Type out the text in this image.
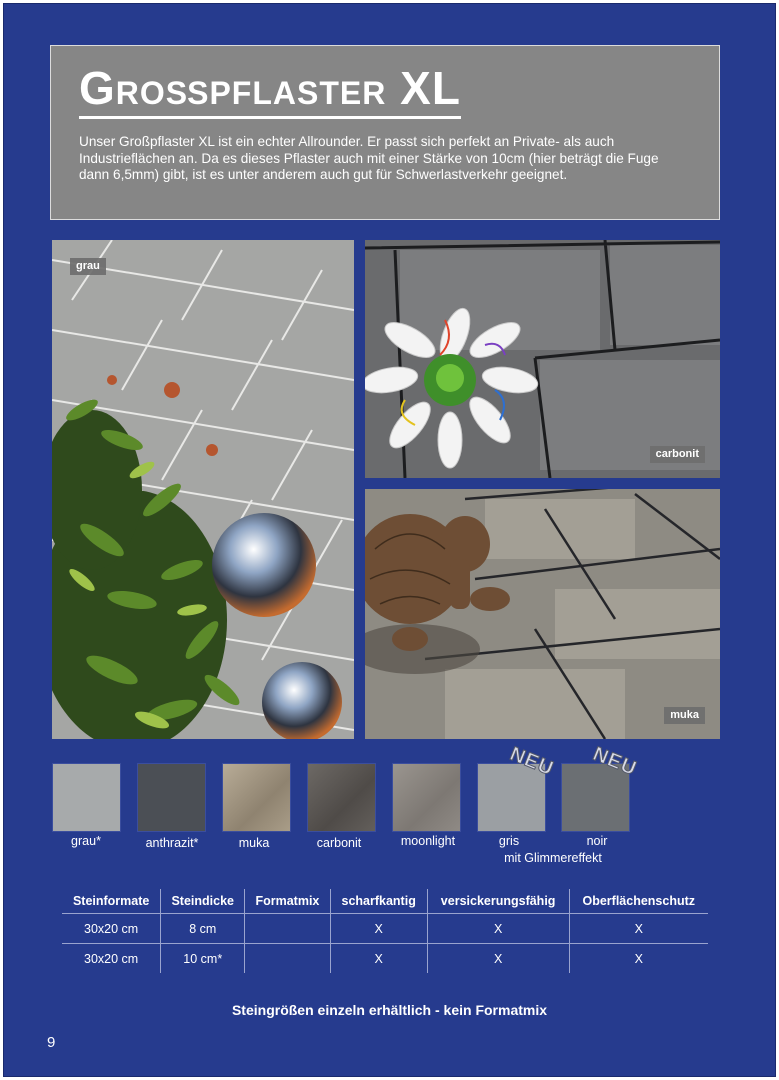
Großpflaster XL

Unser Großpflaster XL ist ein echter Allrounder. Er passt sich perfekt an Private- als auch Industrieflächen an. Da es dieses Pflaster auch mit einer Stärke von 10cm (hier beträgt die Fuge dann 6,5mm) gibt, ist es unter anderem auch gut für Schwerlastverkehr geeignet.

grau
carbonit
muka
NEU NEU
grau*	anthrazit*	muka	carbonit	moonlight	gris	noir
mit Glimmereffekt
Steinformate	Steindicke	Formatmix	scharfkantig	versickerungsfähig	Oberflächenschutz
30x20 cm	8 cm		X	X	X
30x20 cm	10 cm*		X	X	X
Steingrößen einzeln erhältlich - kein Formatmix
9
